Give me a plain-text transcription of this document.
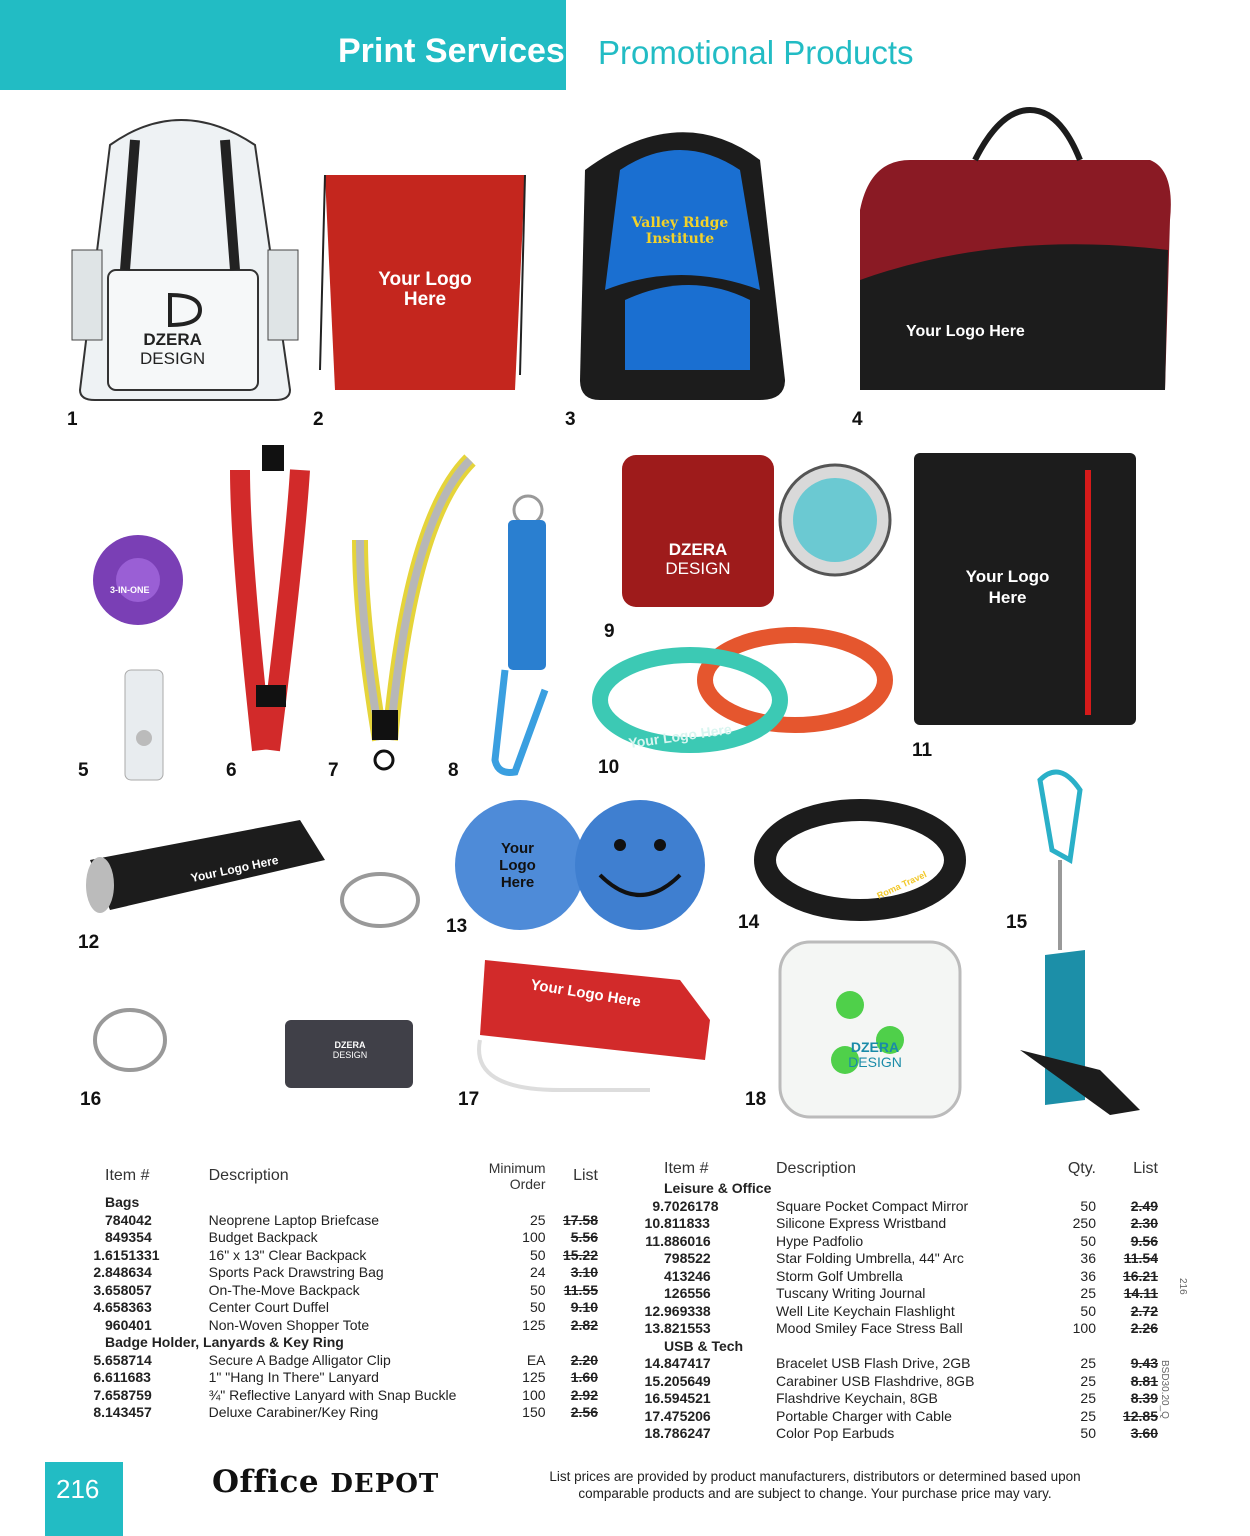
Print Services Promotional Products
DZERA
DESIGN
Your Logo
Here
Valley Ridge
Institute
Your Logo Here
3-IN-ONE
DZERA
DESIGN
Your Logo Here
Your Logo
Here
Your Logo Here
Your
Logo
Here	Roma Travel
DZERA
DESIGN
Your Logo Here
DZERA
DESIGN
1	2	3	4
5	6	7	8
9
10
11
12
13	14	15
16	17	18
	Item #	Description	Minimum Order	List
	Bags			
	784042	Neoprene Laptop Briefcase	25	17.58
	849354	Budget Backpack	100	5.56
1.	6151331	16" x 13" Clear Backpack	50	15.22
2.	848634	Sports Pack Drawstring Bag	24	3.10
3.	658057	On-The-Move Backpack	50	11.55
4.	658363	Center Court Duffel	50	9.10
	960401	Non-Woven Shopper Tote	125	2.82
	Badge Holder, Lanyards & Key Ring			
5.	658714	Secure A Badge Alligator Clip	EA	2.20
6.	611683	1" "Hang In There" Lanyard	125	1.60
7.	658759	¾" Reflective Lanyard with Snap Buckle	100	2.92
8.	143457	Deluxe Carabiner/Key Ring	150	2.56
	Item #	Description	Qty.	List
	Leisure & Office			
9.	7026178	Square Pocket Compact Mirror	50	2.49
10.	811833	Silicone Express Wristband	250	2.30
11.	886016	Hype Padfolio	50	9.56
	798522	Star Folding Umbrella, 44" Arc	36	11.54
	413246	Storm Golf Umbrella	36	16.21
	126556	Tuscany Writing Journal	25	14.11
12.	969338	Well Lite Keychain Flashlight	50	2.72
13.	821553	Mood Smiley Face Stress Ball	100	2.26
	USB & Tech			
14.	847417	Bracelet USB Flash Drive, 2GB	25	9.43
15.	205649	Carabiner USB Flashdrive, 8GB	25	8.81
16.	594521	Flashdrive Keychain, 8GB	25	8.39
17.	475206	Portable Charger with Cable	25	12.85
18.	786247	Color Pop Earbuds	50	3.60
216
BSD30.20_Q
216	Office DEPOT	List prices are provided by product manufacturers, distributors or determined based upon comparable products and are subject to change. Your purchase price may vary.
